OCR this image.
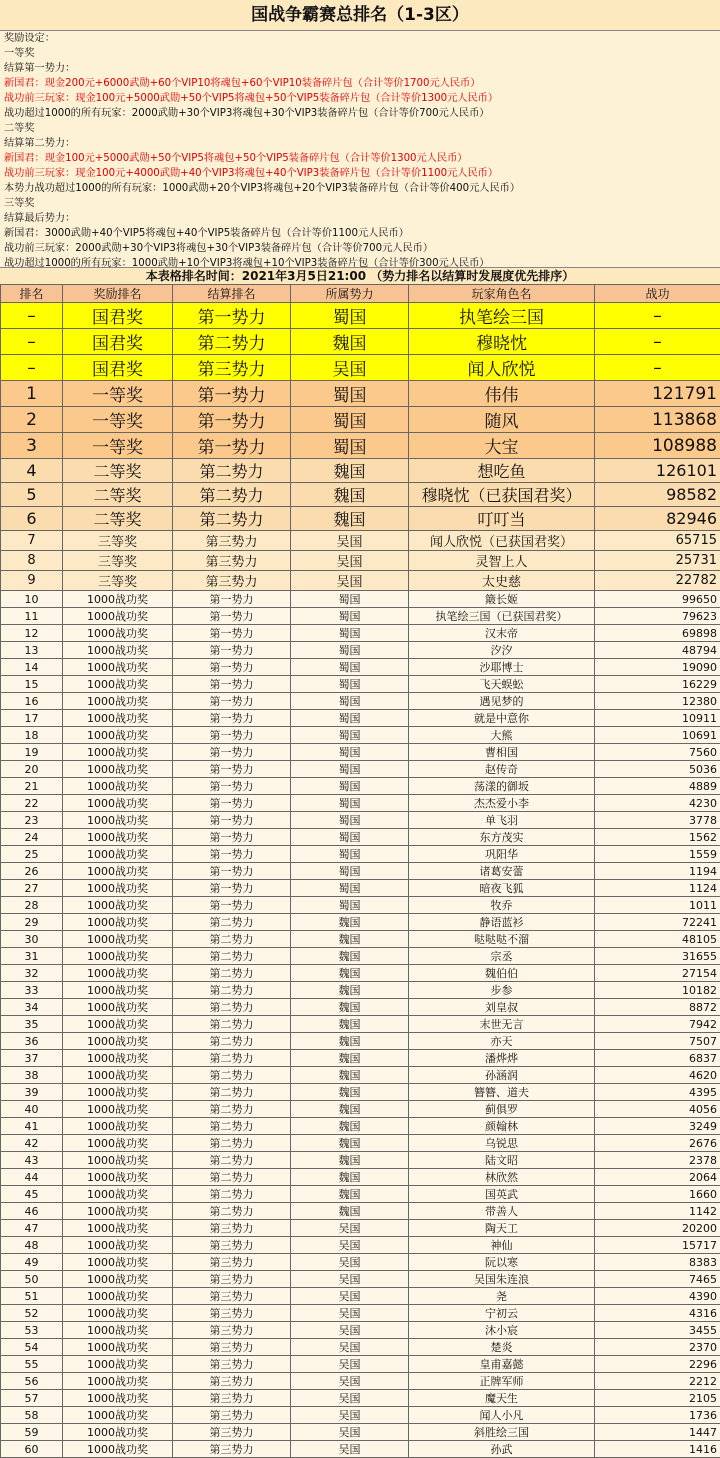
国战争霸赛总排名（1-3区）
奖励设定：
一等奖
结算第一势力：
新国君：现金200元+6000武勋+60个VIP10将魂包+60个VIP10装备碎片包（合计等价1700元人民币）
战功前三玩家：现金100元+5000武勋+50个VIP5将魂包+50个VIP5装备碎片包（合计等价1300元人民币）
战功超过1000的所有玩家：2000武勋+30个VIP3将魂包+30个VIP3装备碎片包（合计等价700元人民币）
二等奖
结算第二势力：
新国君：现金100元+5000武勋+50个VIP5将魂包+50个VIP5装备碎片包（合计等价1300元人民币）
战功前三玩家：现金100元+4000武勋+40个VIP3将魂包+40个VIP3装备碎片包（合计等价1100元人民币）
本势力战功超过1000的所有玩家：1000武勋+20个VIP3将魂包+20个VIP3装备碎片包（合计等价400元人民币）
三等奖
结算最后势力：
新国君：3000武勋+40个VIP5将魂包+40个VIP5装备碎片包（合计等价1100元人民币）
战功前三玩家：2000武勋+30个VIP3将魂包+30个VIP3装备碎片包（合计等价700元人民币）
战功超过1000的所有玩家：1000武勋+10个VIP3将魂包+10个VIP3装备碎片包（合计等价300元人民币）
本表格排名时间：2021年3月5日21:00 （势力排名以结算时发展度优先排序）
排名	奖励排名	结算排名	所属势力	玩家角色名	战功
–	国君奖	第一势力	蜀国	执笔绘三国	–
–	国君奖	第二势力	魏国	穆晓忱	–
–	国君奖	第三势力	吴国	闻人欣悦	–
1	一等奖	第一势力	蜀国	伟伟	121791
2	一等奖	第一势力	蜀国	随风	113868
3	一等奖	第一势力	蜀国	大宝	108988
4	二等奖	第二势力	魏国	想吃鱼	126101
5	二等奖	第二势力	魏国	穆晓忱（已获国君奖）	98582
6	二等奖	第二势力	魏国	叮叮当	82946
7	三等奖	第三势力	吴国	闻人欣悦（已获国君奖）	65715
8	三等奖	第三势力	吴国	灵智上人	25731
9	三等奖	第三势力	吴国	太史慈	22782
10	1000战功奖	第一势力	蜀国	簸长姬	99650
11	1000战功奖	第一势力	蜀国	执笔绘三国（已获国君奖）	79623
12	1000战功奖	第一势力	蜀国	汉末帝	69898
13	1000战功奖	第一势力	蜀国	汐汐	48794
14	1000战功奖	第一势力	蜀国	沙耶博士	19090
15	1000战功奖	第一势力	蜀国	飞天蜈蚣	16229
16	1000战功奖	第一势力	蜀国	遇见梦的	12380
17	1000战功奖	第一势力	蜀国	就是中意你	10911
18	1000战功奖	第一势力	蜀国	大熊	10691
19	1000战功奖	第一势力	蜀国	曹相国	7560
20	1000战功奖	第一势力	蜀国	赵传奇	5036
21	1000战功奖	第一势力	蜀国	荡漾的御坂	4889
22	1000战功奖	第一势力	蜀国	杰杰爱小李	4230
23	1000战功奖	第一势力	蜀国	单飞羽	3778
24	1000战功奖	第一势力	蜀国	东方茂实	1562
25	1000战功奖	第一势力	蜀国	巩阳华	1559
26	1000战功奖	第一势力	蜀国	诸葛安蕾	1194
27	1000战功奖	第一势力	蜀国	暗夜飞狐	1124
28	1000战功奖	第一势力	蜀国	牧乔	1011
29	1000战功奖	第二势力	魏国	静语蓝衫	72241
30	1000战功奖	第二势力	魏国	哒哒哒不溜	48105
31	1000战功奖	第二势力	魏国	宗丞	31655
32	1000战功奖	第二势力	魏国	魏伯伯	27154
33	1000战功奖	第二势力	魏国	步参	10182
34	1000战功奖	第二势力	魏国	刘皇叔	8872
35	1000战功奖	第二势力	魏国	末世无言	7942
36	1000战功奖	第二势力	魏国	亦天	7507
37	1000战功奖	第二势力	魏国	潘烨烨	6837
38	1000战功奖	第二势力	魏国	孙涵润	4620
39	1000战功奖	第二势力	魏国	簪簪、道夫	4395
40	1000战功奖	第二势力	魏国	蓟俱罗	4056
41	1000战功奖	第二势力	魏国	颜翰林	3249
42	1000战功奖	第二势力	魏国	乌锐思	2676
43	1000战功奖	第二势力	魏国	陆文昭	2378
44	1000战功奖	第二势力	魏国	林欣然	2064
45	1000战功奖	第二势力	魏国	国英武	1660
46	1000战功奖	第二势力	魏国	带善人	1142
47	1000战功奖	第三势力	吴国	陶天工	20200
48	1000战功奖	第三势力	吴国	神仙	15717
49	1000战功奖	第三势力	吴国	阮以寒	8383
50	1000战功奖	第三势力	吴国	吴国朱连浪	7465
51	1000战功奖	第三势力	吴国	尧	4390
52	1000战功奖	第三势力	吴国	宁初云	4316
53	1000战功奖	第三势力	吴国	沐小宸	3455
54	1000战功奖	第三势力	吴国	楚炎	2370
55	1000战功奖	第三势力	吴国	皇甫嘉懿	2296
56	1000战功奖	第三势力	吴国	正牌军师	2212
57	1000战功奖	第三势力	吴国	魔天生	2105
58	1000战功奖	第三势力	吴国	闻人小凡	1736
59	1000战功奖	第三势力	吴国	斜胜绘三国	1447
60	1000战功奖	第三势力	吴国	孙武	1416
